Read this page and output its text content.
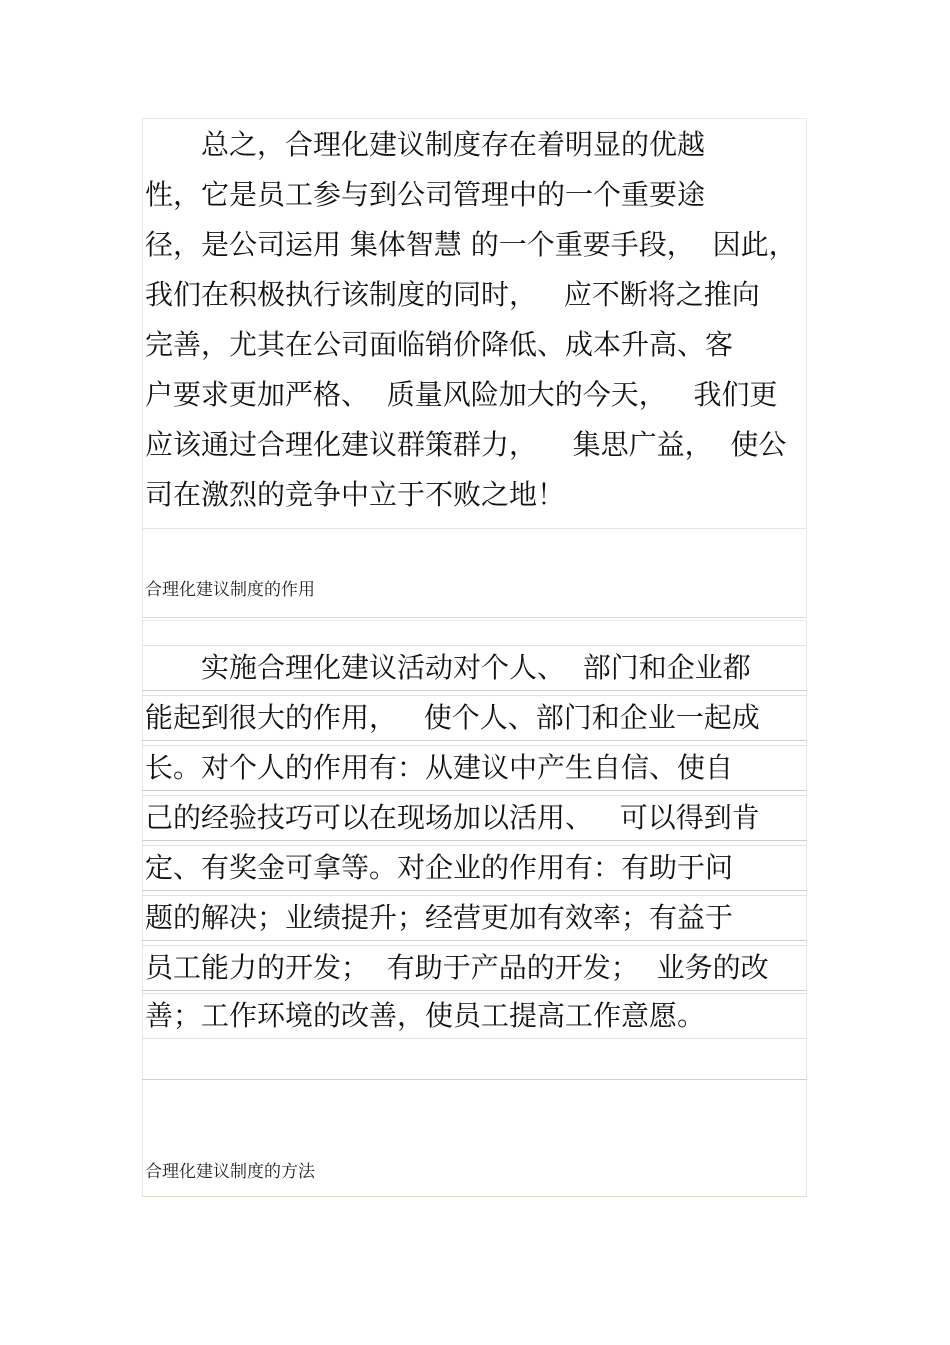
　　总之，合理化建议制度存在着明显的优越
性，它是员工参与到公司管理中的一个重要途
径，是公司运用 集体智慧 的一个重要手段，  因此，
我们在积极执行该制度的同时，   应不断将之推向
完善，尤其在公司面临销价降低、成本升高、客
户要求更加严格、  质量风险加大的今天，   我们更
应该通过合理化建议群策群力，    集思广益，  使公
司在激烈的竞争中立于不败之地！
合理化建议制度的作用
　　实施合理化建议活动对个人、  部门和企业都
能起到很大的作用，   使个人、部门和企业一起成
长。对个人的作用有：从建议中产生自信、使自
己的经验技巧可以在现场加以活用、   可以得到肯
定、有奖金可拿等。对企业的作用有：有助于问
题的解决；业绩提升；经营更加有效率；有益于
员工能力的开发；  有助于产品的开发；  业务的改
善；工作环境的改善，使员工提高工作意愿。
合理化建议制度的方法
